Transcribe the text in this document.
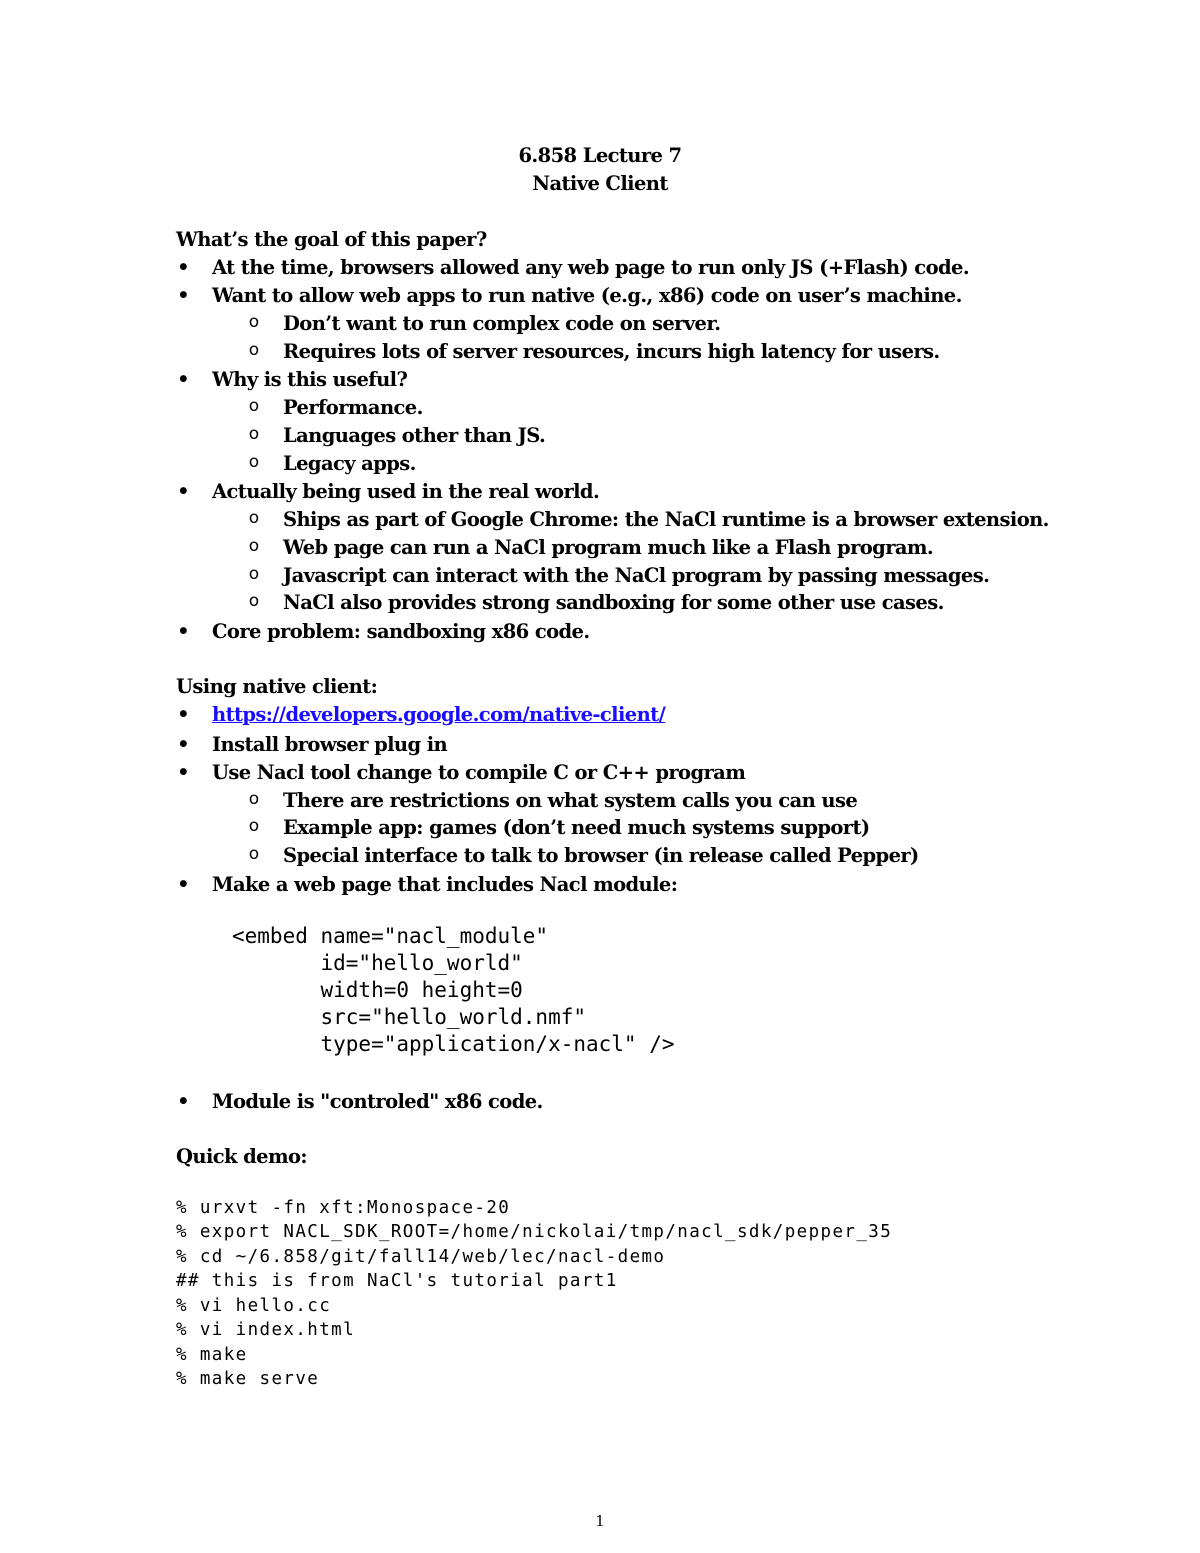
6.858 Lecture 7
Native Client
What’s the goal of this paper?
• At the time, browsers allowed any web page to run only JS (+Flash) code.
• Want to allow web apps to run native (e.g., x86) code on user’s machine.
o Don’t want to run complex code on server.
o Requires lots of server resources, incurs high latency for users.
• Why is this useful?
o Performance.
o Languages other than JS.
o Legacy apps.
• Actually being used in the real world.
o Ships as part of Google Chrome: the NaCl runtime is a browser extension.
o Web page can run a NaCl program much like a Flash program.
o Javascript can interact with the NaCl program by passing messages.
o NaCl also provides strong sandboxing for some other use cases.
• Core problem: sandboxing x86 code.
Using native client:
• https://developers.google.com/native-client/
• Install browser plug in
• Use Nacl tool change to compile C or C++ program
o There are restrictions on what system calls you can use
o Example app: games (don’t need much systems support)
o Special interface to talk to browser (in release called Pepper)
• Make a web page that includes Nacl module:
<embed name="nacl_module"
id="hello_world"
width=0 height=0
src="hello_world.nmf"
type="application/x-nacl" />
• Module is "controled" x86 code.
Quick demo:
% urxvt -fn xft:Monospace-20
% export NACL_SDK_ROOT=/home/nickolai/tmp/nacl_sdk/pepper_35
% cd ~/6.858/git/fall14/web/lec/nacl-demo
## this is from NaCl's tutorial part1
% vi hello.cc
% vi index.html
% make
% make serve
1
